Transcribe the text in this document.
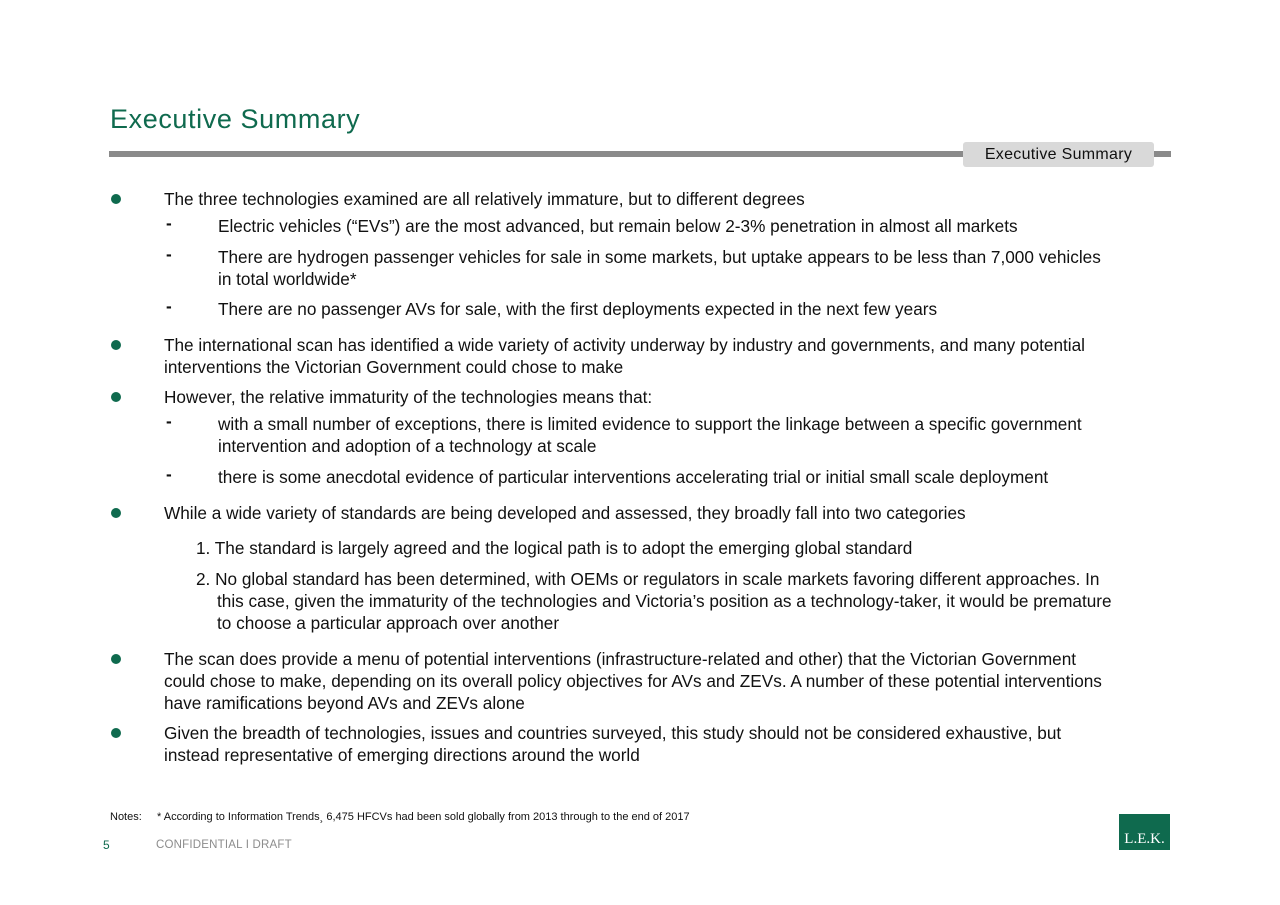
Executive Summary
Executive Summary
The three technologies examined are all relatively immature, but to different degrees
-	Electric vehicles (“EVs”) are the most advanced, but remain below 2-3% penetration in almost all markets
-	There are hydrogen passenger vehicles for sale in some markets, but uptake appears to be less than 7,000 vehicles
in total worldwide*
-	There are no passenger AVs for sale, with the first deployments expected in the next few years
The international scan has identified a wide variety of activity underway by industry and governments, and many potential
interventions the Victorian Government could chose to make
However, the relative immaturity of the technologies means that:
-	with a small number of exceptions, there is limited evidence to support the linkage between a specific government
intervention and adoption of a technology at scale
-	there is some anecdotal evidence of particular interventions accelerating trial or initial small scale deployment
While a wide variety of standards are being developed and assessed, they broadly fall into two categories
1. The standard is largely agreed and the logical path is to adopt the emerging global standard
2. No global standard has been determined, with OEMs or regulators in scale markets favoring different approaches. In
this case, given the immaturity of the technologies and Victoria’s position as a technology-taker, it would be premature
to choose a particular approach over another
The scan does provide a menu of potential interventions (infrastructure-related and other) that the Victorian Government
could chose to make, depending on its overall policy objectives for AVs and ZEVs. A number of these potential interventions
have ramifications beyond AVs and ZEVs alone
Given the breadth of technologies, issues and countries surveyed, this study should not be considered exhaustive, but
instead representative of emerging directions around the world
Notes: * According to Information Trends¸ 6,475 HFCVs had been sold globally from 2013 through to the end of 2017
5	CONFIDENTIAL I DRAFT	L.E.K.
